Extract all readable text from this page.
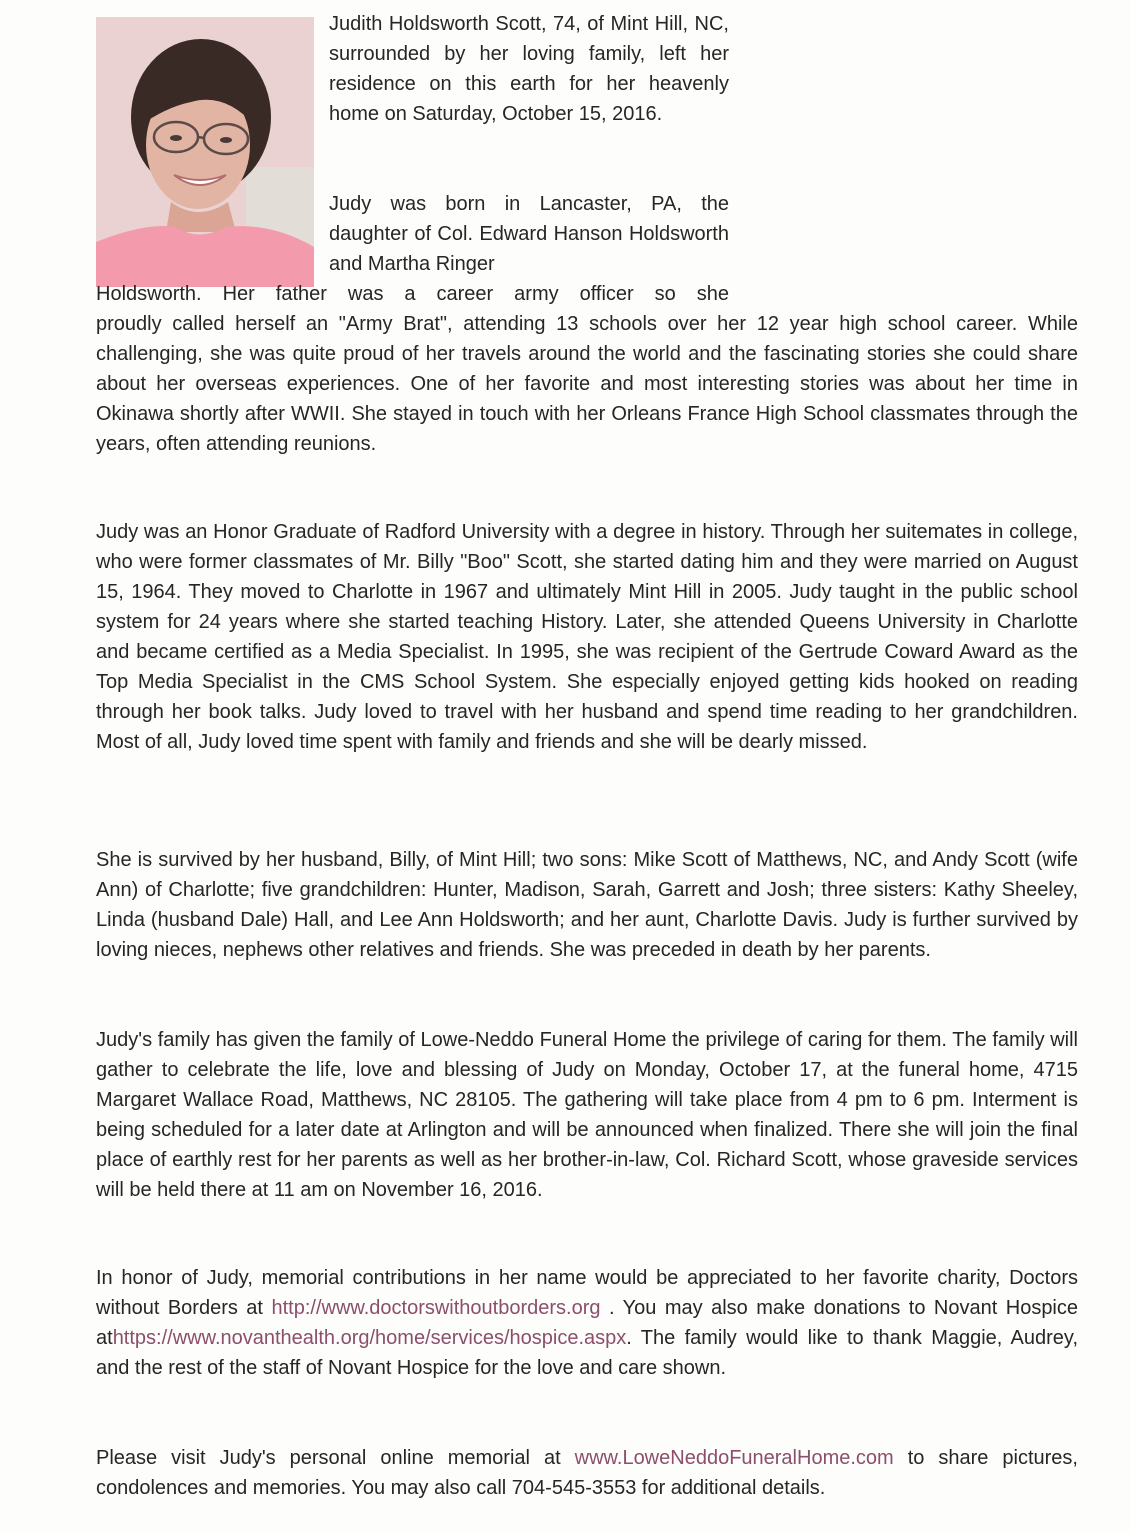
Judith Holdsworth Scott, 74, of Mint Hill, NC, surrounded by her loving family, left her residence on this earth for her heavenly home on Saturday, October 15, 2016.

Judy was born in Lancaster, PA, the daughter of Col. Edward Hanson Holdsworth and Martha Ringer

Holdsworth. Her father was a career army officer so she
proudly called herself an "Army Brat", attending 13 schools over her 12 year high school career. While challenging, she was quite proud of her travels around the world and the fascinating stories she could share about her overseas experiences. One of her favorite and most interesting stories was about her time in Okinawa shortly after WWII. She stayed in touch with her Orleans France High School classmates through the years, often attending reunions.

Judy was an Honor Graduate of Radford University with a degree in history. Through her suitemates in college, who were former classmates of Mr. Billy "Boo" Scott, she started dating him and they were married on August 15, 1964. They moved to Charlotte in 1967 and ultimately Mint Hill in 2005. Judy taught in the public school system for 24 years where she started teaching History. Later, she attended Queens University in Charlotte and became certified as a Media Specialist. In 1995, she was recipient of the Gertrude Coward Award as the Top Media Specialist in the CMS School System. She especially enjoyed getting kids hooked on reading through her book talks. Judy loved to travel with her husband and spend time reading to her grandchildren. Most of all, Judy loved time spent with family and friends and she will be dearly missed.

She is survived by her husband, Billy, of Mint Hill; two sons: Mike Scott of Matthews, NC, and Andy Scott (wife Ann) of Charlotte; five grandchildren: Hunter, Madison, Sarah, Garrett and Josh; three sisters: Kathy Sheeley, Linda (husband Dale) Hall, and Lee Ann Holdsworth; and her aunt, Charlotte Davis. Judy is further survived by loving nieces, nephews other relatives and friends. She was preceded in death by her parents.

Judy's family has given the family of Lowe-Neddo Funeral Home the privilege of caring for them. The family will gather to celebrate the life, love and blessing of Judy on Monday, October 17, at the funeral home, 4715 Margaret Wallace Road, Matthews, NC 28105. The gathering will take place from 4 pm to 6 pm. Interment is being scheduled for a later date at Arlington and will be announced when finalized. There she will join the final place of earthly rest for her parents as well as her brother-in-law, Col. Richard Scott, whose graveside services will be held there at 11 am on November 16, 2016.

In honor of Judy, memorial contributions in her name would be appreciated to her favorite charity, Doctors without Borders at http://www.doctorswithoutborders.org . You may also make donations to Novant Hospice athttps://www.novanthealth.org/home/services/hospice.aspx. The family would like to thank Maggie, Audrey, and the rest of the staff of Novant Hospice for the love and care shown.

Please visit Judy's personal online memorial at www.LoweNeddoFuneralHome.com to share pictures, condolences and memories. You may also call 704-545-3553 for additional details.
